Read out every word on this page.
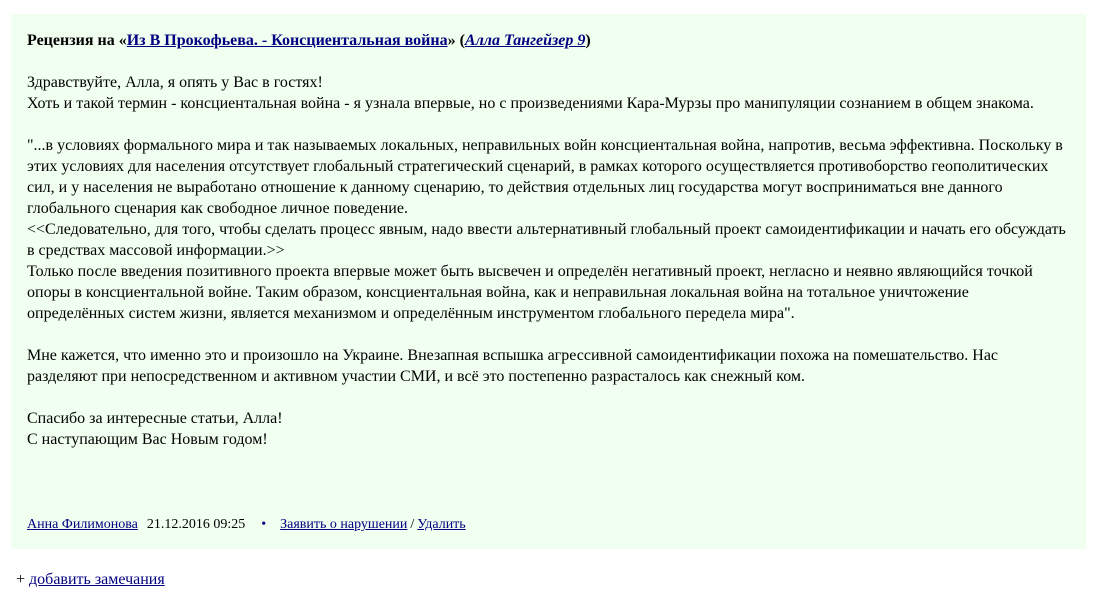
Рецензия на «Из В Прокофьева. - Консциентальная война» (Алла Тангейзер 9)

Здравствуйте, Алла, я опять у Вас в гостях!
Хоть и такой термин - консциентальная война - я узнала впервые, но с произведениями Кара-Мурзы про манипуляции сознанием в общем знакома.

"...в условиях формального мира и так называемых локальных, неправильных войн консциентальная война, напротив, весьма эффективна. Поскольку в этих условиях для населения отсутствует глобальный стратегический сценарий, в рамках которого осуществляется противоборство геополитических сил, и у населения не выработано отношение к данному сценарию, то действия отдельных лиц государства могут восприниматься вне данного глобального сценария как свободное личное поведение.
<<Следовательно, для того, чтобы сделать процесс явным, надо ввести альтернативный глобальный проект самоидентификации и начать его обсуждать в средствах массовой информации.>>
Только после введения позитивного проекта впервые может быть высвечен и определён негативный проект, негласно и неявно являющийся точкой опоры в консциентальной войне. Таким образом, консциентальная война, как и неправильная локальная война на тотальное уничтожение определённых систем жизни, является механизмом и определённым инструментом глобального передела мира".

Мне кажется, что именно это и произошло на Украине. Внезапная вспышка агрессивной самоидентификации похожа на помешательство. Нас разделяют при непосредственном и активном участии СМИ, и всё это постепенно разрасталось как снежный ком.

Спасибо за интересные статьи, Алла!
С наступающим Вас Новым годом!

Анна Филимонова 21.12.2016 09:25 • Заявить о нарушении / Удалить
+ добавить замечания
